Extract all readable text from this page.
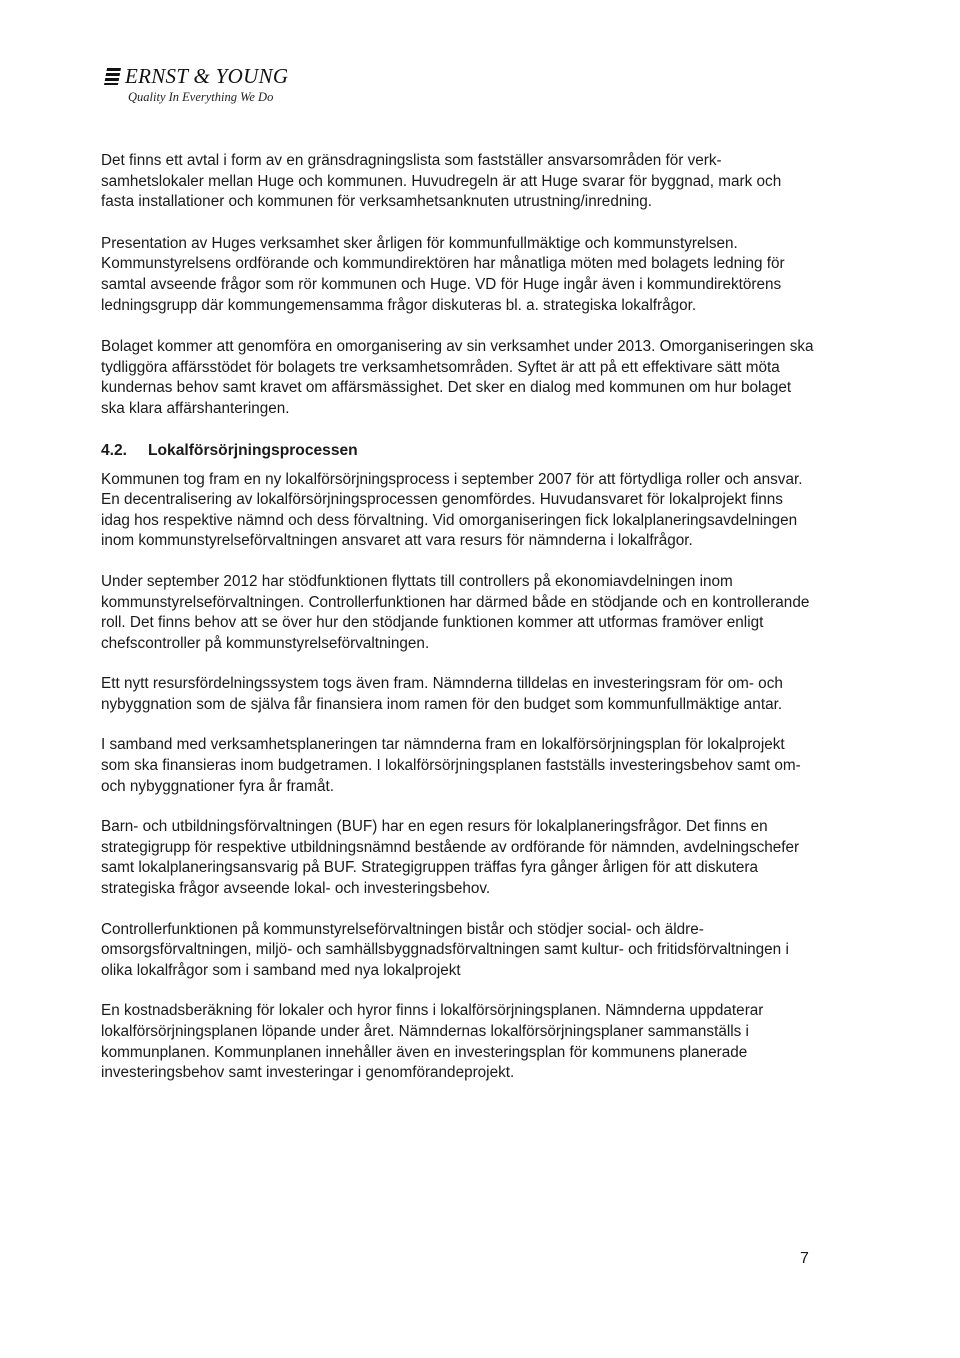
ERNST & YOUNG
Quality In Everything We Do

Det finns ett avtal i form av en gränsdragningslista som fastställer ansvarsområden för verksamhetslokaler mellan Huge och kommunen. Huvudregeln är att Huge svarar för byggnad, mark och fasta installationer och kommunen för verksamhetsanknuten utrustning/inredning.

Presentation av Huges verksamhet sker årligen för kommunfullmäktige och kommunstyrelsen. Kommunstyrelsens ordförande och kommundirektören har månatliga möten med bolagets ledning för samtal avseende frågor som rör kommunen och Huge. VD för Huge ingår även i kommundirektörens ledningsgrupp där kommungemensamma frågor diskuteras bl. a. strategiska lokalfrågor.

Bolaget kommer att genomföra en omorganisering av sin verksamhet under 2013. Omorganiseringen ska tydliggöra affärsstödet för bolagets tre verksamhetsområden. Syftet är att på ett effektivare sätt möta kundernas behov samt kravet om affärsmässighet. Det sker en dialog med kommunen om hur bolaget ska klara affärshanteringen.

4.2.	Lokalförsörjningsprocessen

Kommunen tog fram en ny lokalförsörjningsprocess i september 2007 för att förtydliga roller och ansvar. En decentralisering av lokalförsörjningsprocessen genomfördes. Huvudansvaret för lokalprojekt finns idag hos respektive nämnd och dess förvaltning. Vid omorganiseringen fick lokalplaneringsavdelningen inom kommunstyrelseförvaltningen ansvaret att vara resurs för nämnderna i lokalfrågor.

Under september 2012 har stödfunktionen flyttats till controllers på ekonomiavdelningen inom kommunstyrelseförvaltningen. Controllerfunktionen har därmed både en stödjande och en kontrollerande roll. Det finns behov att se över hur den stödjande funktionen kommer att utformas framöver enligt chefscontroller på kommunstyrelseförvaltningen.

Ett nytt resursfördelningssystem togs även fram. Nämnderna tilldelas en investeringsram för om- och nybyggnation som de själva får finansiera inom ramen för den budget som kommunfullmäktige antar.

I samband med verksamhetsplaneringen tar nämnderna fram en lokalförsörjningsplan för lokalprojekt som ska finansieras inom budgetramen. I lokalförsörjningsplanen fastställs investeringsbehov samt om- och nybyggnationer fyra år framåt.

Barn- och utbildningsförvaltningen (BUF) har en egen resurs för lokalplaneringsfrågor. Det finns en strategigrupp för respektive utbildningsnämnd bestående av ordförande för nämnden, avdelningschefer samt lokalplaneringsansvarig på BUF. Strategigruppen träffas fyra gånger årligen för att diskutera strategiska frågor avseende lokal- och investeringsbehov.

Controllerfunktionen på kommunstyrelseförvaltningen bistår och stödjer social- och äldreomsorgsförvaltningen, miljö- och samhällsbyggnadsförvaltningen samt kultur- och fritidsförvaltningen i olika lokalfrågor som i samband med nya lokalprojekt

En kostnadsberäkning för lokaler och hyror finns i lokalförsörjningsplanen. Nämnderna uppdaterar lokalförsörjningsplanen löpande under året. Nämndernas lokalförsörjningsplaner sammanställs i kommunplanen. Kommunplanen innehåller även en investeringsplan för kommunens planerade investeringsbehov samt investeringar i genomförandeprojekt.

7
